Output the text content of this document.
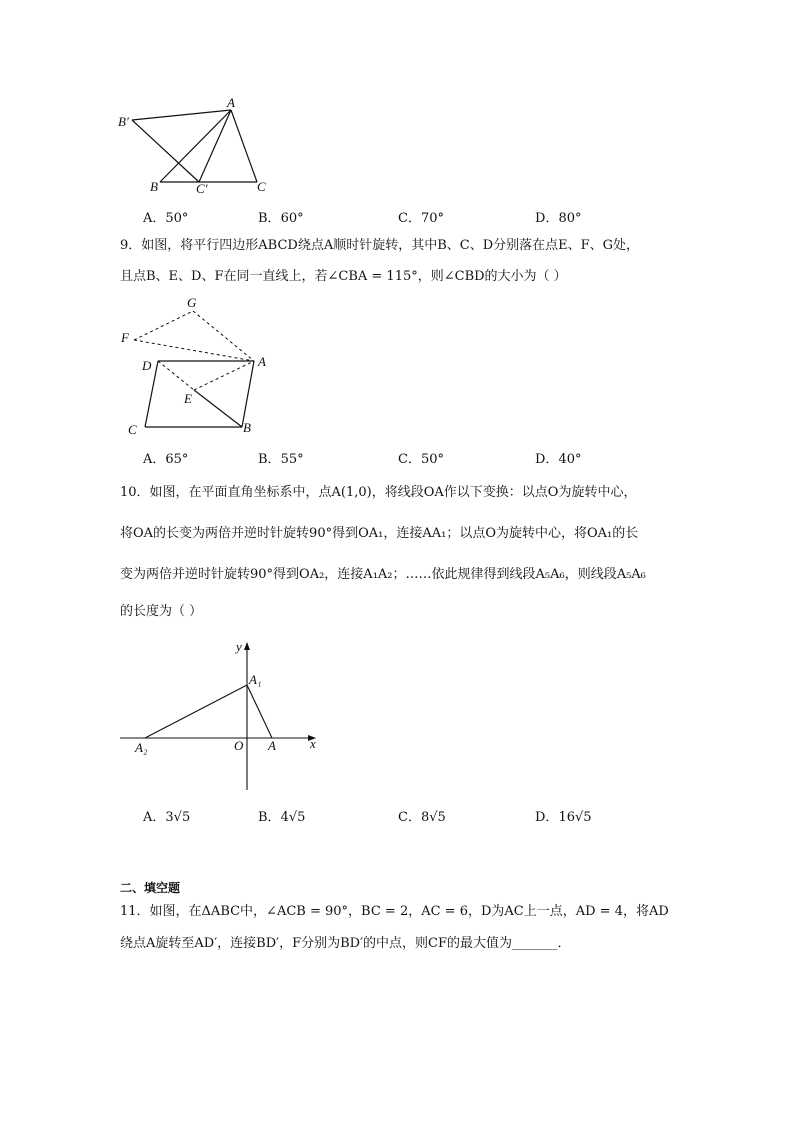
A
B′
B	C′	C
A．50°	B．60°	C．70°	D．80°
9．如图，将平行四边形ABCD绕点A顺时针旋转，其中B、C、D分别落在点E、F、G处，
且点B、E、D、F在同一直线上，若∠CBA = 115°，则∠CBD的大小为（ ）
G
F
D	A
E
C	B
A．65°	B．55°	C．50°	D．40°
10．如图，在平面直角坐标系中，点A(1,0)，将线段OA作以下变换：以点O为旋转中心，
将OA的长变为两倍并逆时针旋转90°得到OA₁，连接AA₁；以点O为旋转中心，将OA₁的长
变为两倍并逆时针旋转90°得到OA₂，连接A₁A₂；……依此规律得到线段A₅A₆，则线段A₅A₆
的长度为（ ）
y
A₁
A₂	O A	x
A．3√5	B．4√5	C．8√5	D．16√5
二、填空题
11．如图，在ΔABC中，∠ACB = 90°，BC = 2，AC = 6，D为AC上一点，AD = 4，将AD
绕点A旋转至AD′，连接BD′，F分别为BD′的中点，则CF的最大值为_______．
